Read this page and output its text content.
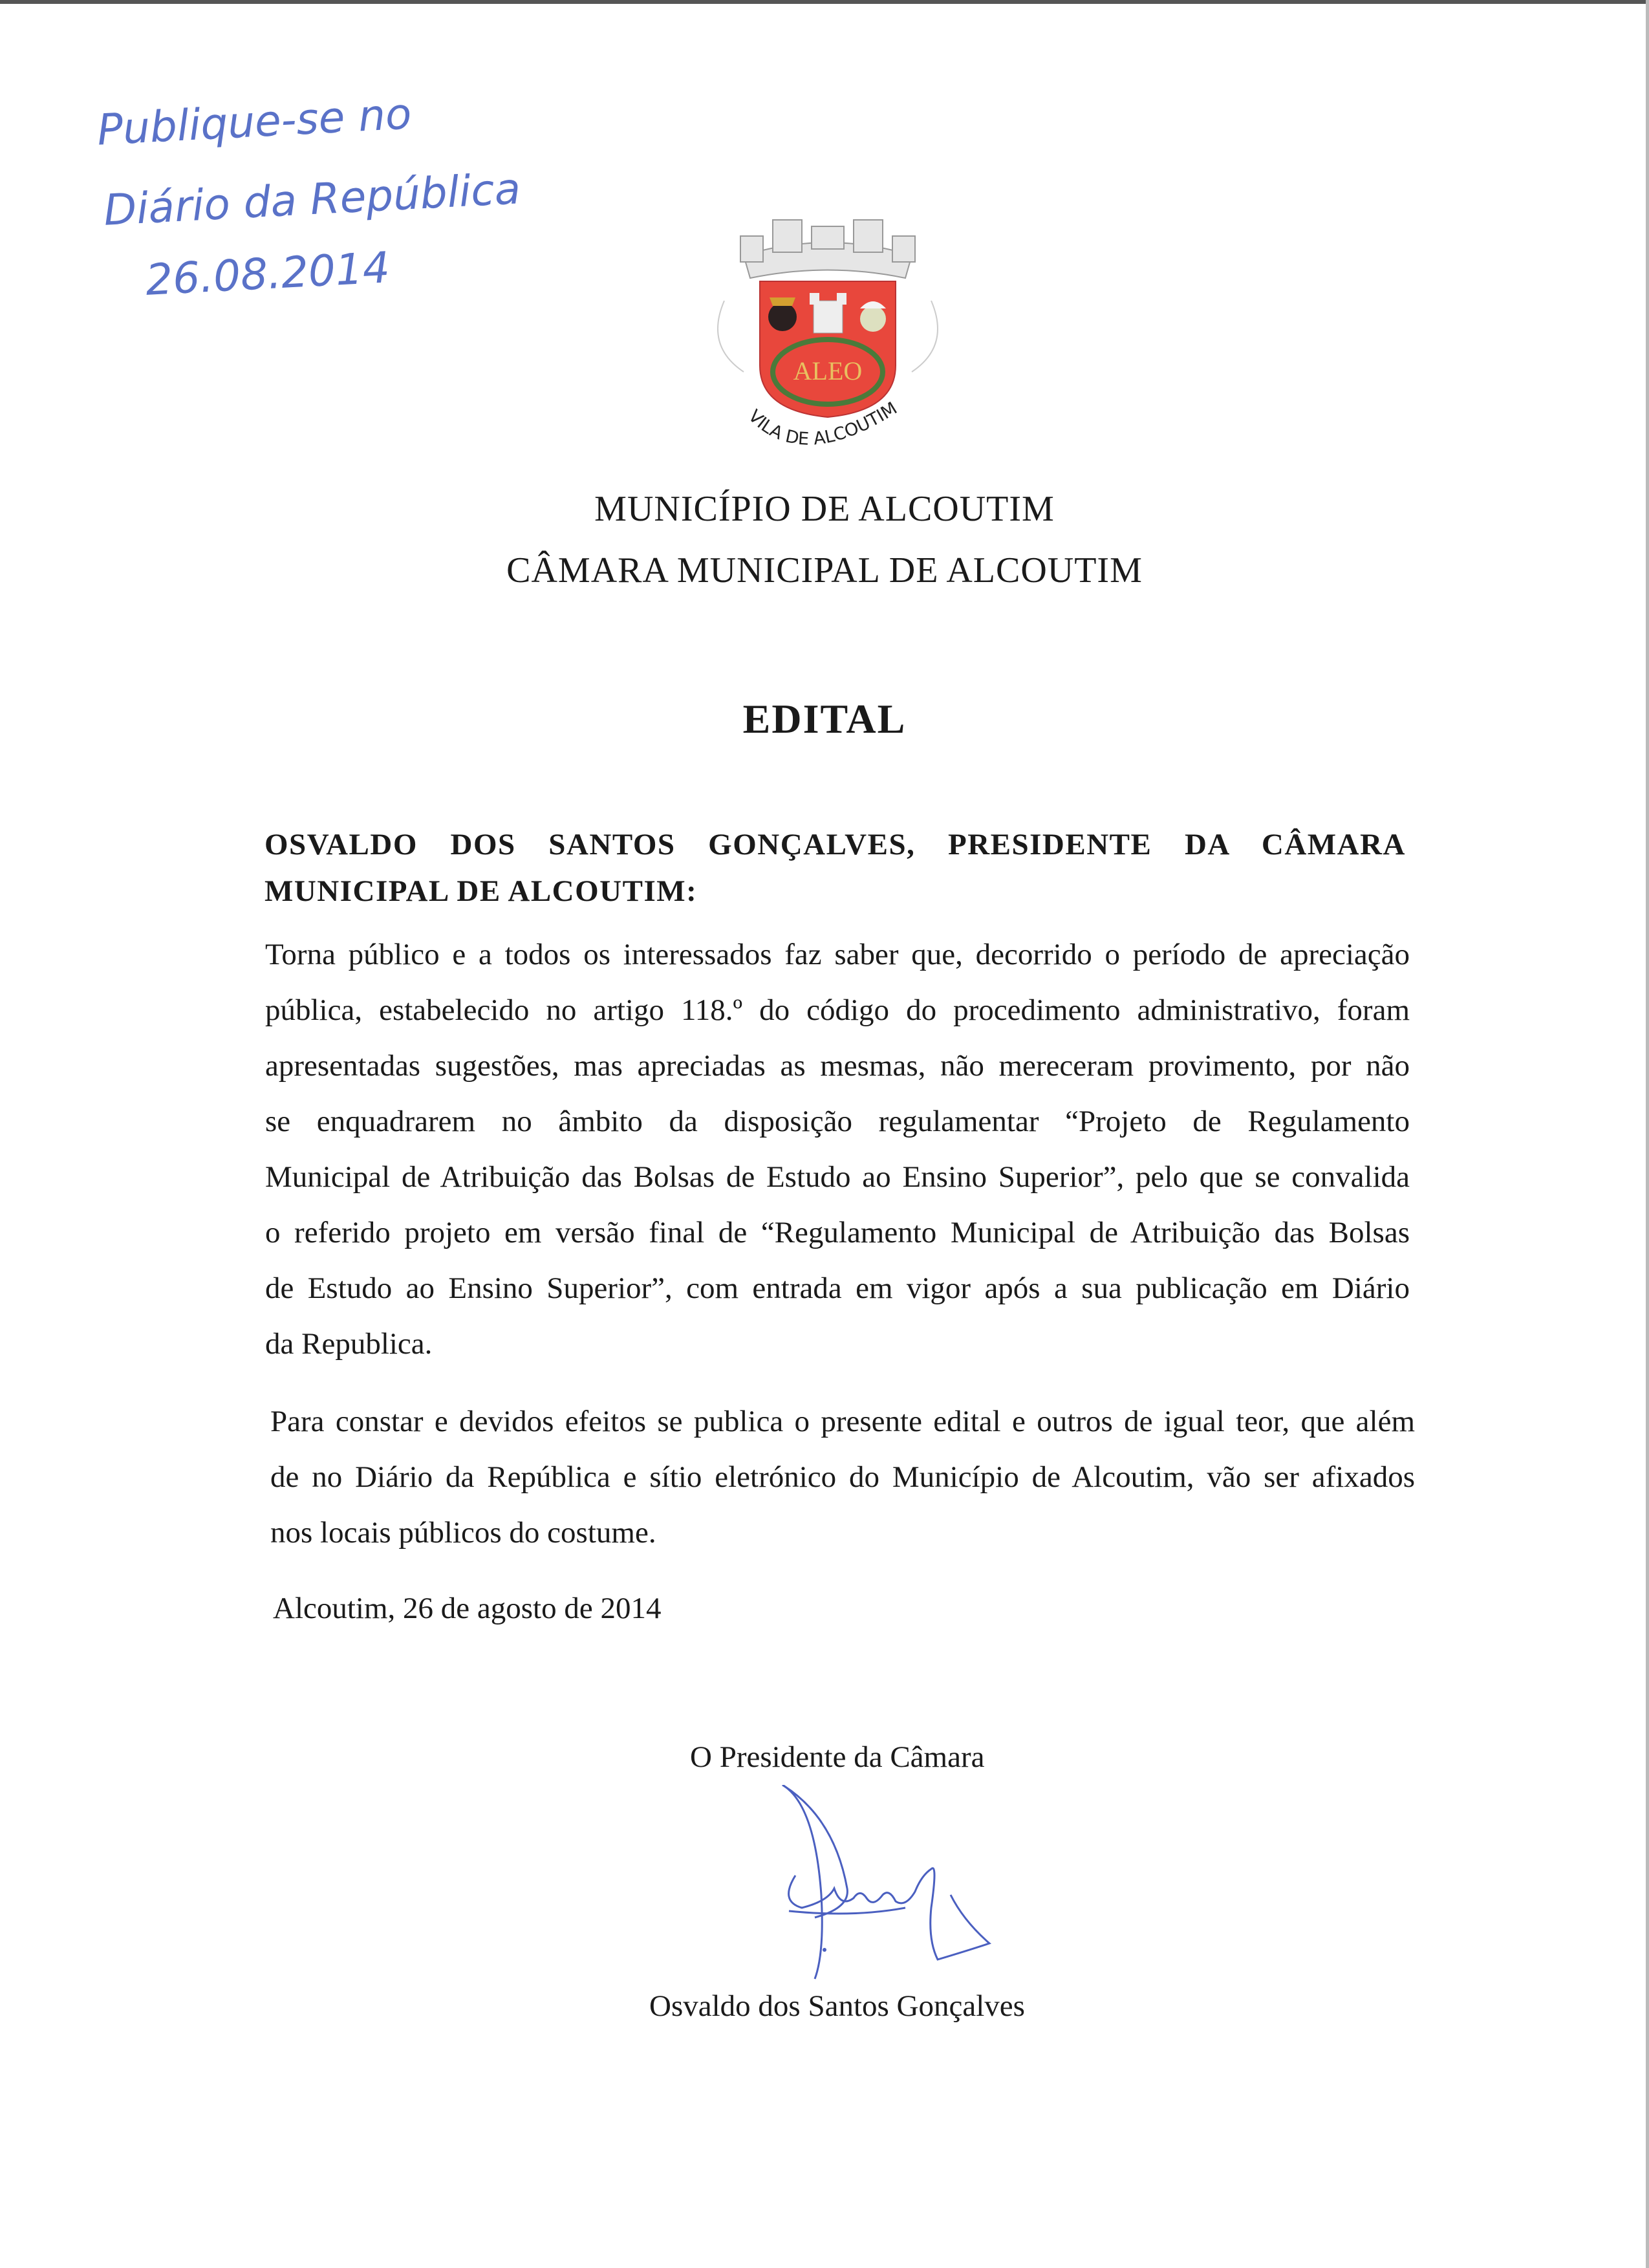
Publique-se no
Diário da República
26.08.2014
ALEO
VILA DE ALCOUTIM
MUNICÍPIO DE ALCOUTIM
CÂMARA MUNICIPAL DE ALCOUTIM
EDITAL
OSVALDO DOS SANTOS GONÇALVES, PRESIDENTE DA CÂMARA
MUNICIPAL DE ALCOUTIM:
Torna público e a todos os interessados faz saber que, decorrido o período de apreciação
pública, estabelecido no artigo 118.º do código do procedimento administrativo, foram
apresentadas sugestões, mas apreciadas as mesmas, não mereceram provimento, por não
se enquadrarem no âmbito da disposição regulamentar “Projeto de Regulamento
Municipal de Atribuição das Bolsas de Estudo ao Ensino Superior”, pelo que se convalida
o referido projeto em versão final de “Regulamento Municipal de Atribuição das Bolsas
de Estudo ao Ensino Superior”, com entrada em vigor após a sua publicação em Diário
da Republica.
Para constar e devidos efeitos se publica o presente edital e outros de igual teor, que além
de no Diário da República e sítio eletrónico do Município de Alcoutim, vão ser afixados
nos locais públicos do costume.
Alcoutim, 26 de agosto de 2014
O Presidente da Câmara
Osvaldo dos Santos Gonçalves
